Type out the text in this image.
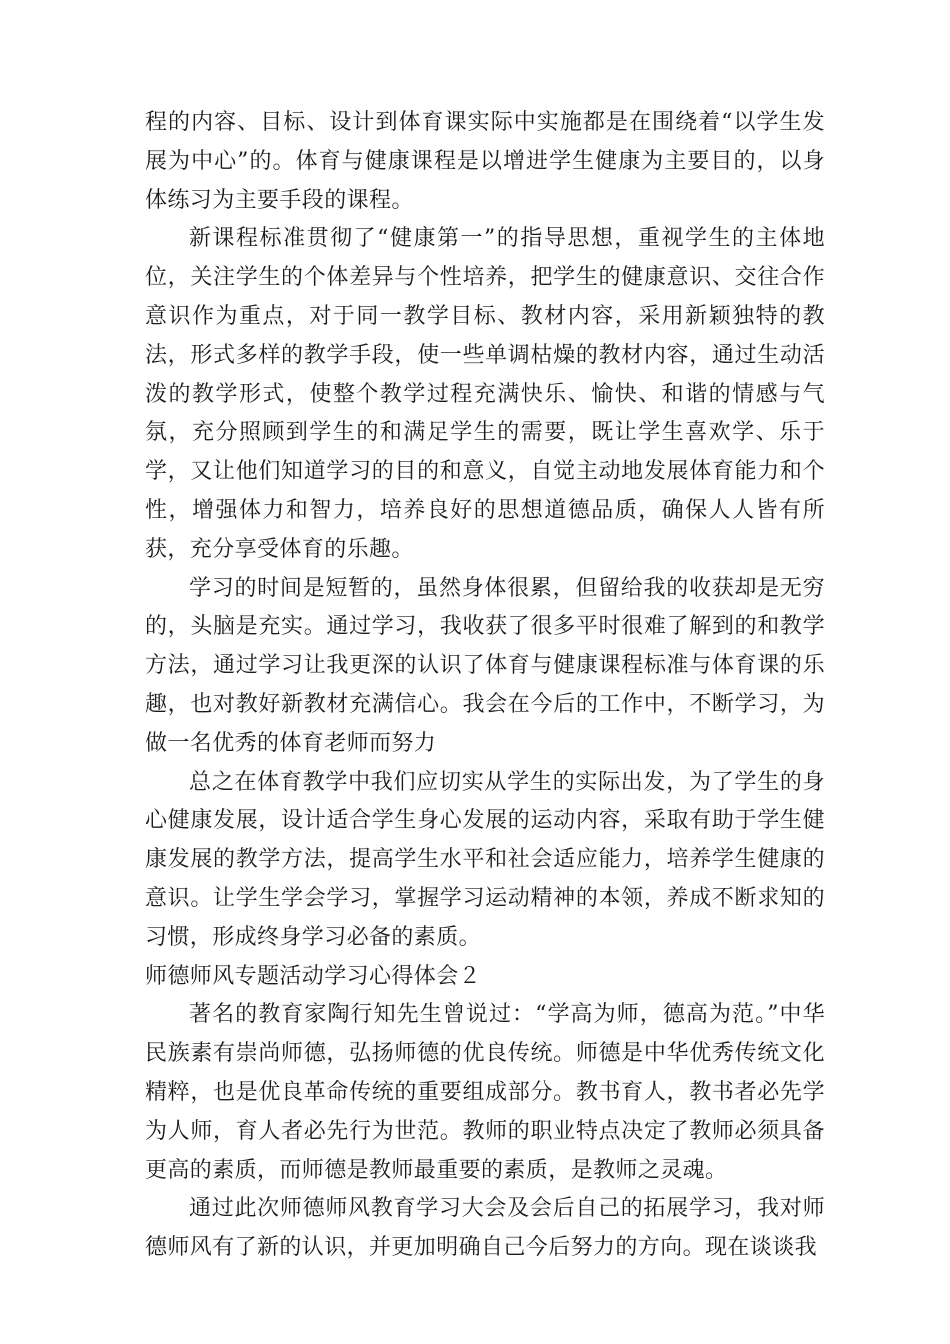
程的内容、目标、设计到体育课实际中实施都是在围绕着“以学生发展为中心”的。体育与健康课程是以增进学生健康为主要目的，以身体练习为主要手段的课程。

新课程标准贯彻了“健康第一”的指导思想，重视学生的主体地位，关注学生的个体差异与个性培养，把学生的健康意识、交往合作意识作为重点，对于同一教学目标、教材内容，采用新颖独特的教法，形式多样的教学手段，使一些单调枯燥的教材内容，通过生动活泼的教学形式，使整个教学过程充满快乐、愉快、和谐的情感与气氛，充分照顾到学生的和满足学生的需要，既让学生喜欢学、乐于学，又让他们知道学习的目的和意义，自觉主动地发展体育能力和个性，增强体力和智力，培养良好的思想道德品质，确保人人皆有所获，充分享受体育的乐趣。

学习的时间是短暂的，虽然身体很累，但留给我的收获却是无穷的，头脑是充实。通过学习，我收获了很多平时很难了解到的和教学方法，通过学习让我更深的认识了体育与健康课程标准与体育课的乐趣，也对教好新教材充满信心。我会在今后的工作中，不断学习，为做一名优秀的体育老师而努力

总之在体育教学中我们应切实从学生的实际出发，为了学生的身心健康发展，设计适合学生身心发展的运动内容，采取有助于学生健康发展的教学方法，提高学生水平和社会适应能力，培养学生健康的意识。让学生学会学习，掌握学习运动精神的本领，养成不断求知的习惯，形成终身学习必备的素质。

师德师风专题活动学习心得体会２

著名的教育家陶行知先生曾说过：“学高为师，德高为范。”中华民族素有崇尚师德，弘扬师德的优良传统。师德是中华优秀传统文化精粹，也是优良革命传统的重要组成部分。教书育人，教书者必先学为人师，育人者必先行为世范。教师的职业特点决定了教师必须具备更高的素质，而师德是教师最重要的素质，是教师之灵魂。

通过此次师德师风教育学习大会及会后自己的拓展学习，我对师德师风有了新的认识，并更加明确自己今后努力的方向。现在谈谈我
